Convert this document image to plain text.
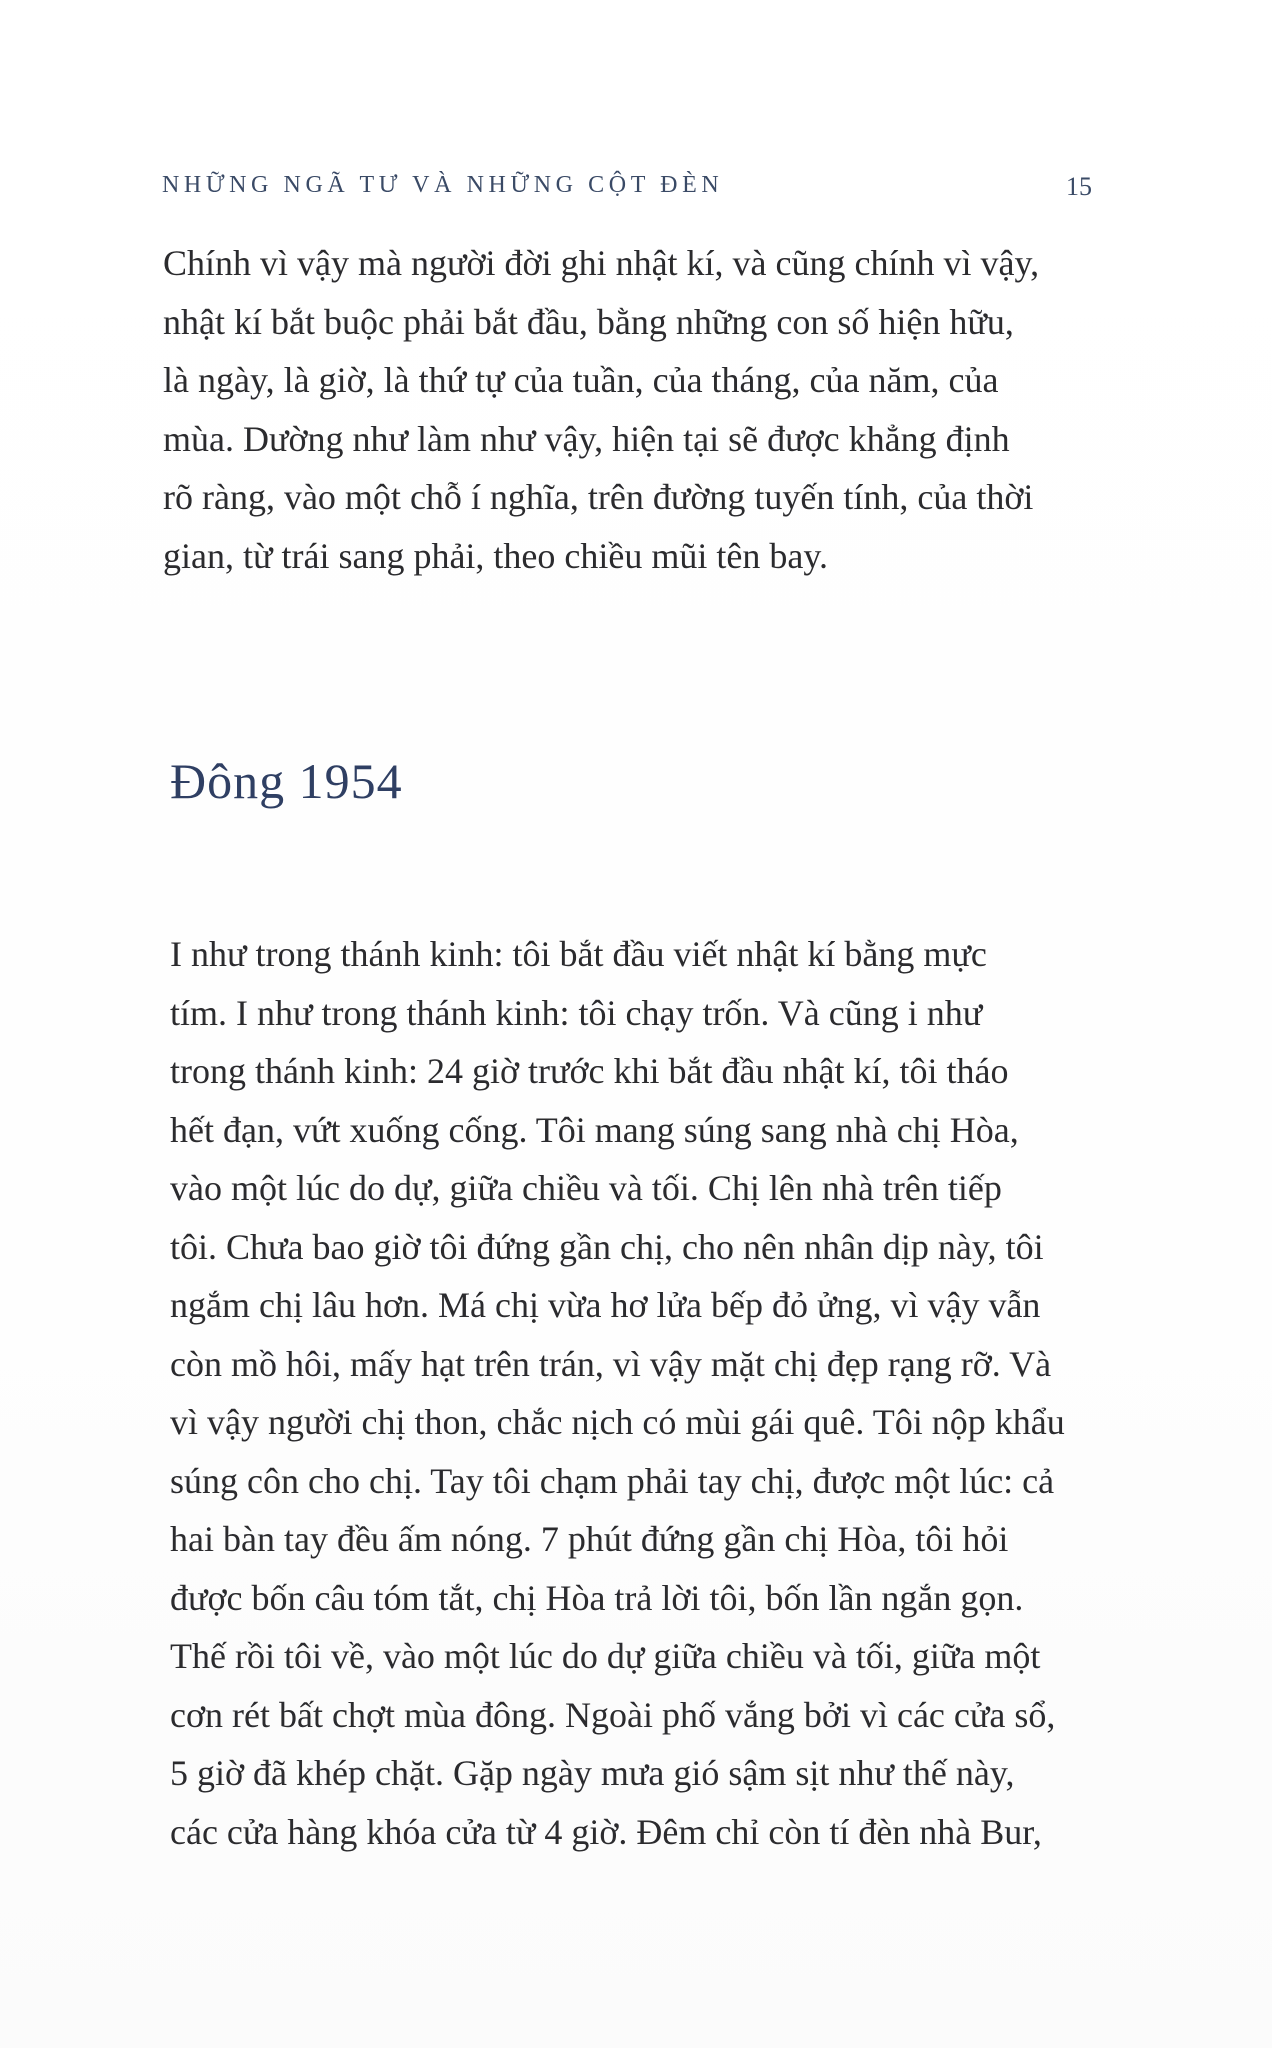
NHỮNG NGÃ TƯ VÀ NHỮNG CỘT ĐÈN	15

Chính vì vậy mà người đời ghi nhật kí, và cũng chính vì vậy,
nhật kí bắt buộc phải bắt đầu, bằng những con số hiện hữu,
là ngày, là giờ, là thứ tự của tuần, của tháng, của năm, của
mùa. Dường như làm như vậy, hiện tại sẽ được khẳng định
rõ ràng, vào một chỗ í nghĩa, trên đường tuyến tính, của thời
gian, từ trái sang phải, theo chiều mũi tên bay.

Đông 1954

I như trong thánh kinh: tôi bắt đầu viết nhật kí bằng mực
tím. I như trong thánh kinh: tôi chạy trốn. Và cũng i như
trong thánh kinh: 24 giờ trước khi bắt đầu nhật kí, tôi tháo
hết đạn, vứt xuống cống. Tôi mang súng sang nhà chị Hòa,
vào một lúc do dự, giữa chiều và tối. Chị lên nhà trên tiếp
tôi. Chưa bao giờ tôi đứng gần chị, cho nên nhân dịp này, tôi
ngắm chị lâu hơn. Má chị vừa hơ lửa bếp đỏ ửng, vì vậy vẫn
còn mồ hôi, mấy hạt trên trán, vì vậy mặt chị đẹp rạng rỡ. Và
vì vậy người chị thon, chắc nịch có mùi gái quê. Tôi nộp khẩu
súng côn cho chị. Tay tôi chạm phải tay chị, được một lúc: cả
hai bàn tay đều ấm nóng. 7 phút đứng gần chị Hòa, tôi hỏi
được bốn câu tóm tắt, chị Hòa trả lời tôi, bốn lần ngắn gọn.
Thế rồi tôi về, vào một lúc do dự giữa chiều và tối, giữa một
cơn rét bất chợt mùa đông. Ngoài phố vắng bởi vì các cửa sổ,
5 giờ đã khép chặt. Gặp ngày mưa gió sậm sịt như thế này,
các cửa hàng khóa cửa từ 4 giờ. Đêm chỉ còn tí đèn nhà Bur,
